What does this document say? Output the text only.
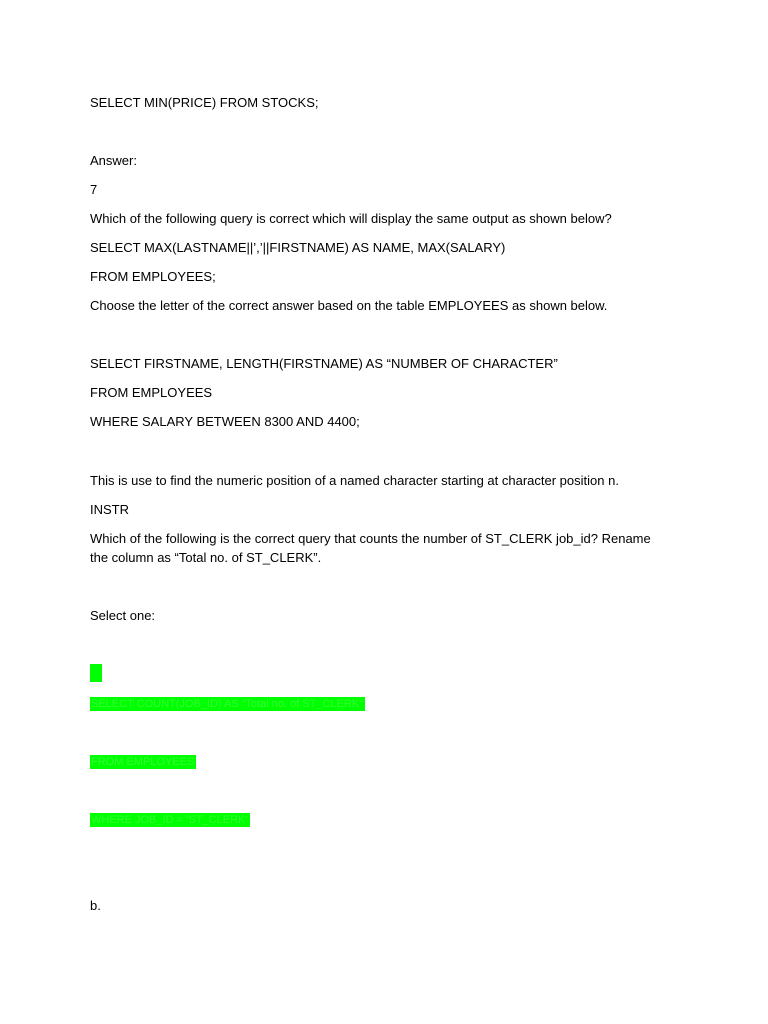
SELECT MIN(PRICE) FROM STOCKS;
Answer:
7
Which of the following query is correct which will display the same output as shown below?
SELECT MAX(LASTNAME||’,’||FIRSTNAME) AS NAME, MAX(SALARY)
FROM EMPLOYEES;
Choose the letter of the correct answer based on the table EMPLOYEES as shown below.
SELECT FIRSTNAME, LENGTH(FIRSTNAME) AS “NUMBER OF CHARACTER”
FROM EMPLOYEES
WHERE SALARY BETWEEN 8300 AND 4400;
This is use to find the numeric position of a named character starting at character position n.
INSTR
Which of the following is the correct query that counts the number of ST_CLERK job_id? Rename the column as “Total no. of ST_CLERK”.
Select one:
a.
SELECT COUNT(JOB_ID) AS “Total no. of ST_CLERK”
FROM EMPLOYEES
WHERE JOB_ID = ‘ST_CLERK’
b.
